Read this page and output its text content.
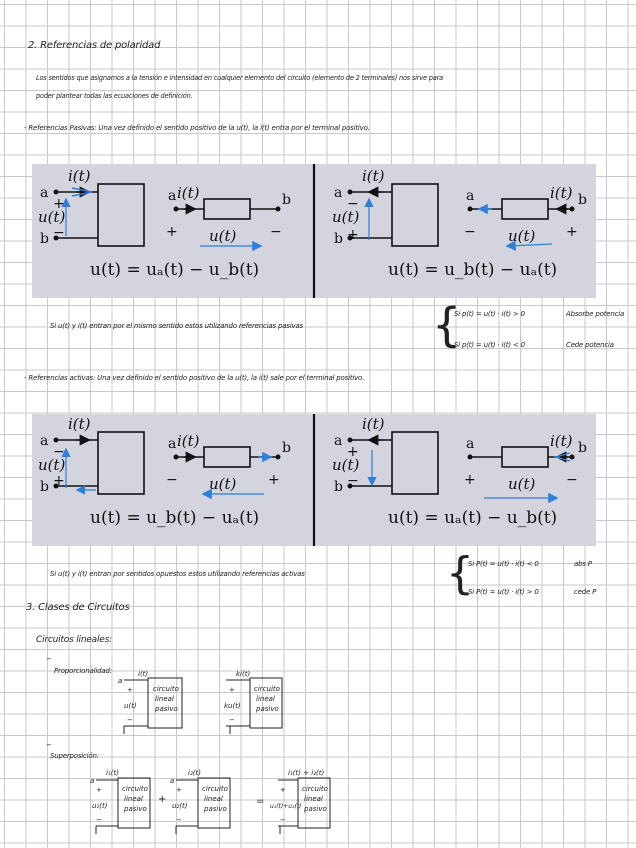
2. Referencias de polaridad
Los sentidos que asignamos a la tensión e intensidad en cualquier elemento del circuito (elemento de 2 terminales) nos sirve para
poder plantear todas las ecuaciones de definición.
- Referencias Pasivas: Una vez definido el sentido positivo de la u(t), la i(t) entra por el terminal positivo.
a
b
i(t)
u(t)
+
−
a i(t)	b
+	−
u(t)
a
b
i(t)
u(t)
−
+
a	i(t) b
−	+
u(t)
u(t) = uₐ(t) − u_b(t)	u(t) = u_b(t) − uₐ(t)
Si u(t) y i(t) entran por el mismo sentido estos utilizando referencias pasivas	{
Si p(t) = u(t) · i(t) > 0	Absorbe potencia
Si p(t) = u(t) · i(t) < 0	Cede potencia
- Referencias activas: Una vez definido el sentido positivo de la u(t), la i(t) sale por el terminal positivo.
a
b
i(t)
u(t)
−
+
a i(t)	b
−	+
u(t)
a
b
i(t)
u(t)
+
−
a	i(t) b
+	−
u(t)
u(t) = u_b(t) − uₐ(t)	u(t) = uₐ(t) − u_b(t)
Si u(t) y i(t) entran por sentidos opuestos estos utilizando referencias activas	{
Si P(t) = u(t) · i(t) < 0	abs P
Si P(t) = u(t) · i(t) > 0	cede P
3. Clases de Circuitos
Circuitos lineales:
−
Proporcionalidad:
−
Superposición:
a
i(t)
+
u(t)
−
circuito
lineal
pasivo
ki(t)
+
ku(t)
−
circuito
lineal
pasivo
a
i₁(t)
+
u₁(t)
−
circuito
lineal
pasivo
+
a
i₂(t)
+
u₂(t)
−
circuito
lineal
pasivo
=
i₁(t) + i₂(t)
+
u₁(t)+u₂(t)
−
circuito
lineal
pasivo
